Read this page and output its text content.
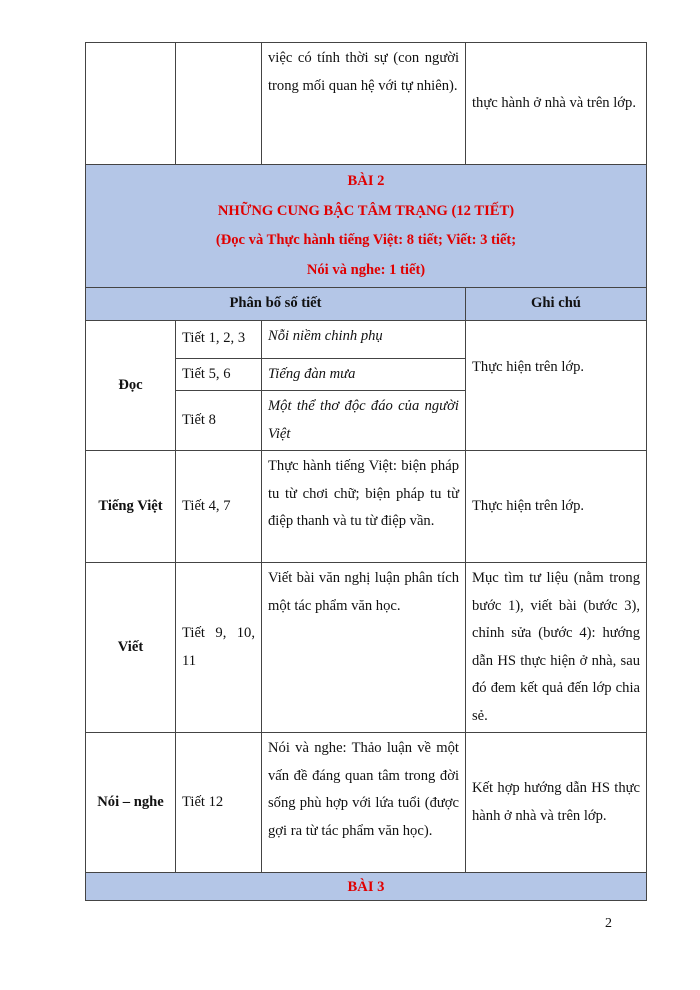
		việc có tính thời sự (con người trong mối quan hệ với tự nhiên).	thực hành ở nhà và trên lớp.

BÀI 2
NHỮNG CUNG BẬC TÂM TRẠNG (12 TIẾT)
(Đọc và Thực hành tiếng Việt: 8 tiết; Viết: 3 tiết;
Nói và nghe: 1 tiết)			

Phân bố số tiết			Ghi chú
Đọc	Tiết 1, 2, 3	Nỗi niềm chinh phụ	Thực hiện trên lớp.
	Tiết 5, 6	Tiếng đàn mưa	
	Tiết 8	Một thể thơ độc đáo của người Việt	
Tiếng Việt	Tiết 4, 7	Thực hành tiếng Việt: biện pháp tu từ chơi chữ; biện pháp tu từ điệp thanh và tu từ điệp vần.	Thực hiện trên lớp.
Viết	Tiết 9, 10, 11	Viết bài văn nghị luận phân tích một tác phẩm văn học.	Mục tìm tư liệu (nằm trong bước 1), viết bài (bước 3), chỉnh sửa (bước 4): hướng dẫn HS thực hiện ở nhà, sau đó đem kết quả đến lớp chia sẻ.
Nói – nghe	Tiết 12	Nói và nghe: Thảo luận về một vấn đề đáng quan tâm trong đời sống phù hợp với lứa tuổi (được gợi ra từ tác phẩm văn học).	Kết hợp hướng dẫn HS thực hành ở nhà và trên lớp.
BÀI 3			
2
